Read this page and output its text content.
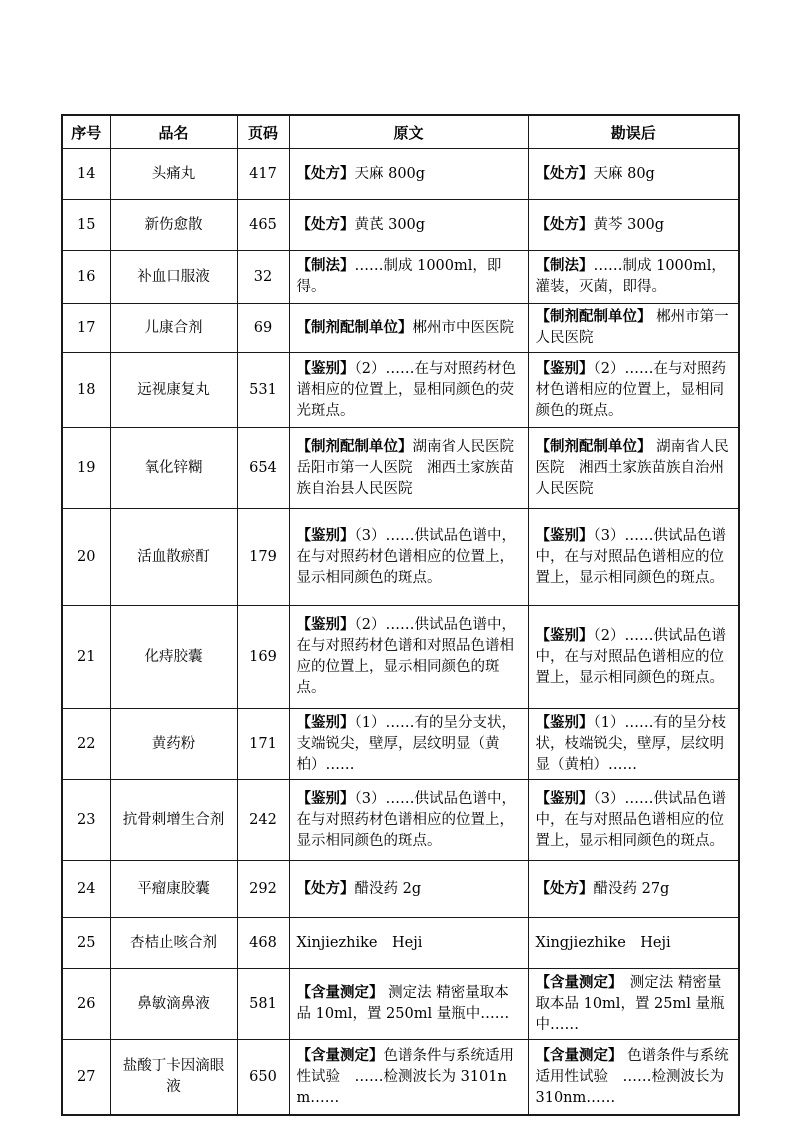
序号	品名	页码	原文	勘误后
14	头痛丸	417	【处方】天麻 800g	【处方】天麻 80g
15	新伤愈散	465	【处方】黄芪 300g	【处方】黄芩 300g
16	补血口服液	32	【制法】……制成 1000ml，即得。	【制法】……制成 1000ml，灌装，灭菌，即得。
17	儿康合剂	69	【制剂配制单位】郴州市中医医院	【制剂配制单位】 郴州市第一人民医院
18	远视康复丸	531	【鉴别】（2）……在与对照药材色谱相应的位置上，显相同颜色的荧光斑点。	【鉴别】（2）……在与对照药材色谱相应的位置上，显相同颜色的斑点。
19	氧化锌糊	654	【制剂配制单位】湖南省人民医院 岳阳市第一人医院　湘西土家族苗族自治县人民医院	【制剂配制单位】 湖南省人民医院　湘西土家族苗族自治州人民医院
20	活血散瘀酊	179	【鉴别】（3）……供试品色谱中，在与对照药材色谱相应的位置上，显示相同颜色的斑点。	【鉴别】（3）……供试品色谱中，在与对照品色谱相应的位置上，显示相同颜色的斑点。
21	化痔胶囊	169	【鉴别】（2）……供试品色谱中，在与对照药材色谱和对照品色谱相应的位置上，显示相同颜色的斑点。	【鉴别】（2）……供试品色谱中，在与对照品色谱相应的位置上，显示相同颜色的斑点。
22	黄药粉	171	【鉴别】（1）……有的呈分支状，支端锐尖，壁厚，层纹明显（黄柏）……	【鉴别】（1）……有的呈分枝状，枝端锐尖，壁厚，层纹明显（黄柏）……
23	抗骨刺增生合剂	242	【鉴别】（3）……供试品色谱中，在与对照药材色谱相应的位置上，显示相同颜色的斑点。	【鉴别】（3）……供试品色谱中，在与对照品色谱相应的位置上，显示相同颜色的斑点。
24	平瘤康胶囊	292	【处方】醋没药 2g	【处方】醋没药 27g
25	杏桔止咳合剂	468	Xinjiezhike　Heji	Xingjiezhike　Heji
26	鼻敏滴鼻液	581	【含量测定】 测定法 精密量取本品 10ml，置 250ml 量瓶中……	【含量测定】　测定法 精密量取本品 10ml，置 25ml 量瓶中……
27	盐酸丁卡因滴眼液	650	【含量测定】色谱条件与系统适用性试验　……检测波长为 3101nm……	【含量测定】 色谱条件与系统适用性试验　……检测波长为 310nm……
